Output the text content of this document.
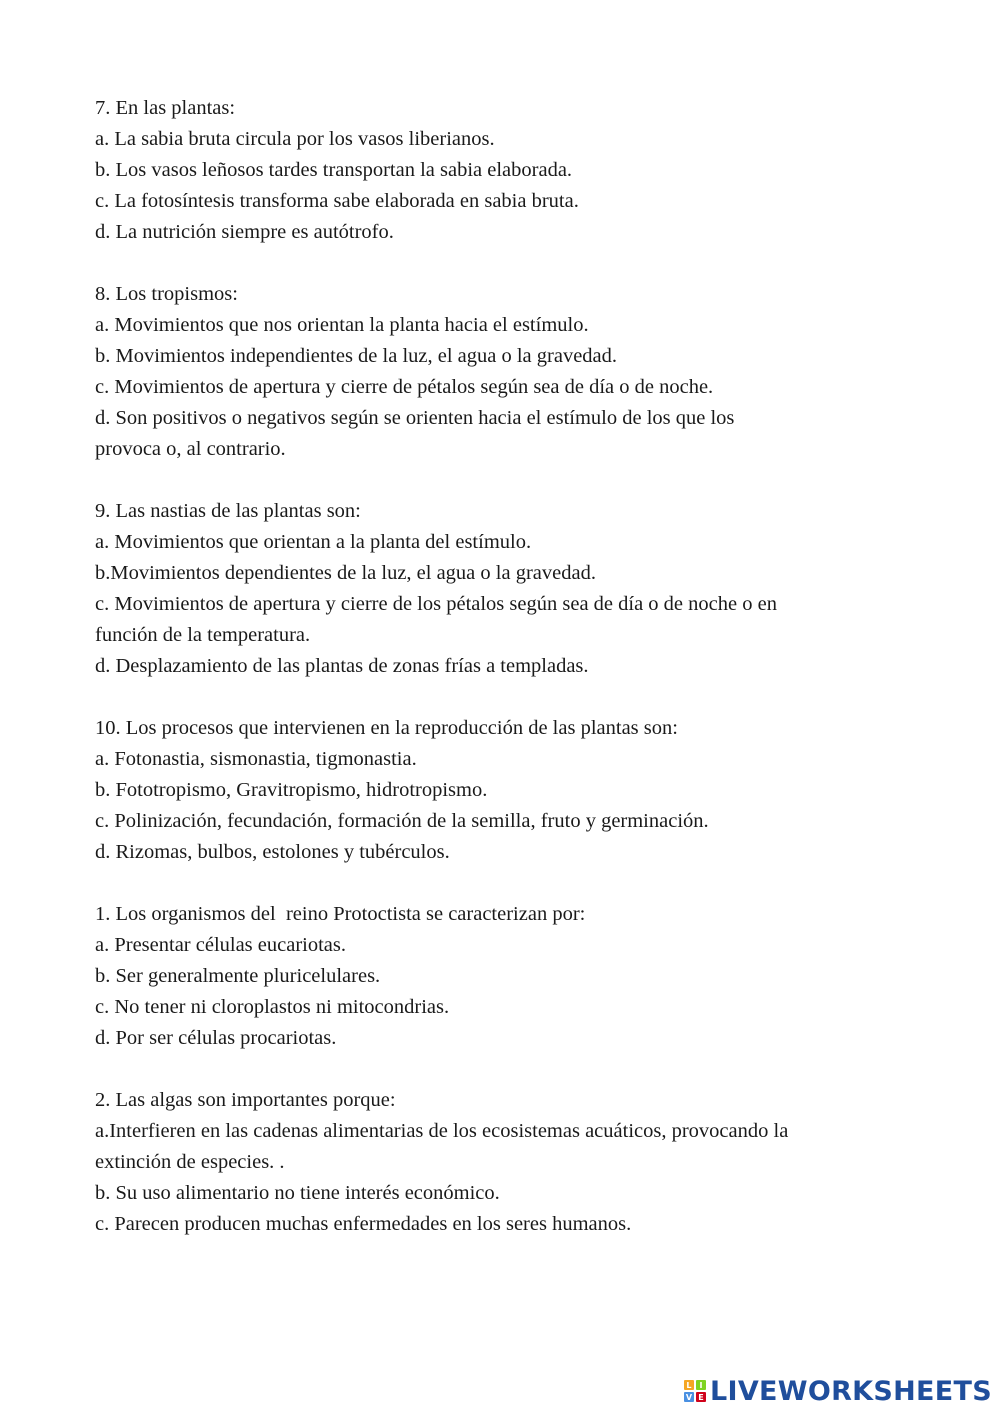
7. En las plantas:

a. La sabia bruta circula por los vasos liberianos.

b. Los vasos leñosos tardes transportan la sabia elaborada.

c. La fotosíntesis transforma sabe elaborada en sabia bruta.

d. La nutrición siempre es autótrofo.

8. Los tropismos:

a. Movimientos que nos orientan la planta hacia el estímulo.

b. Movimientos independientes de la luz, el agua o la gravedad.

c. Movimientos de apertura y cierre de pétalos según sea de día o de noche.

d. Son positivos o negativos según se orienten hacia el estímulo de los que los

provoca o, al contrario.

9. Las nastias de las plantas son:

a. Movimientos que orientan a la planta del estímulo.

b.Movimientos dependientes de la luz, el agua o la gravedad.

c. Movimientos de apertura y cierre de los pétalos según sea de día o de noche o en

función de la temperatura.

d. Desplazamiento de las plantas de zonas frías a templadas.

10. Los procesos que intervienen en la reproducción de las plantas son:

a. Fotonastia, sismonastia, tigmonastia.

b. Fototropismo, Gravitropismo, hidrotropismo.

c. Polinización, fecundación, formación de la semilla, fruto y germinación.

d. Rizomas, bulbos, estolones y tubérculos.

1. Los organismos del  reino Protoctista se caracterizan por:

a. Presentar células eucariotas.

b. Ser generalmente pluricelulares.

c. No tener ni cloroplastos ni mitocondrias.

d. Por ser células procariotas.

2. Las algas son importantes porque:

a.Interfieren en las cadenas alimentarias de los ecosistemas acuáticos, provocando la

extinción de especies. .

b. Su uso alimentario no tiene interés económico.

c. Parecen producen muchas enfermedades en los seres humanos.

L I
V E LIVEWORKSHEETS
